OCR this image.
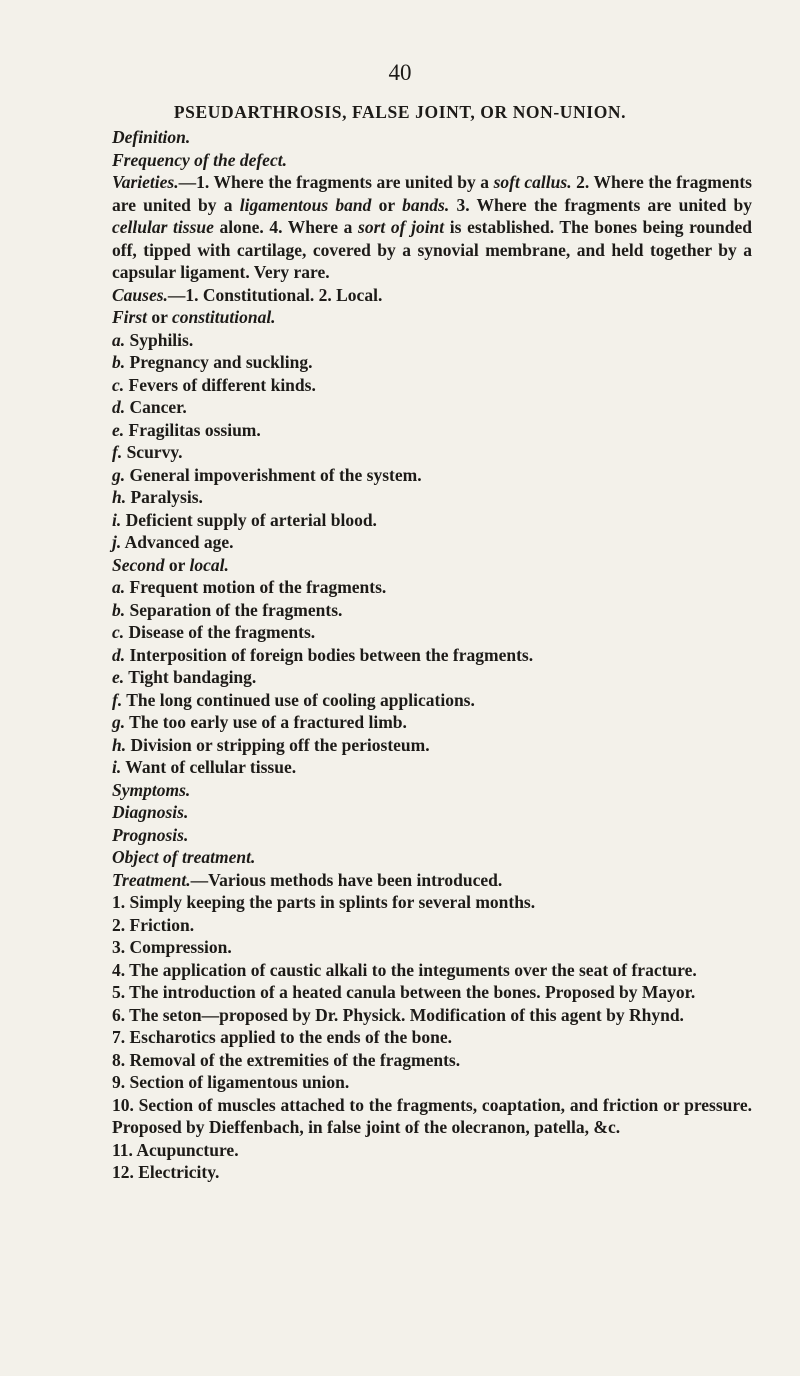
40
PSEUDARTHROSIS, FALSE JOINT, OR NON-UNION.
Definition.
Frequency of the defect.
Varieties.—1. Where the fragments are united by a soft callus. 2. Where the fragments are united by a ligamentous band or bands. 3. Where the fragments are united by cellular tissue alone. 4. Where a sort of joint is established. The bones being rounded off, tipped with cartilage, covered by a synovial membrane, and held together by a capsular ligament. Very rare.
Causes.—1. Constitutional. 2. Local.
First or constitutional.
a. Syphilis.
b. Pregnancy and suckling.
c. Fevers of different kinds.
d. Cancer.
e. Fragilitas ossium.
f. Scurvy.
g. General impoverishment of the system.
h. Paralysis.
i. Deficient supply of arterial blood.
j. Advanced age.
Second or local.
a. Frequent motion of the fragments.
b. Separation of the fragments.
c. Disease of the fragments.
d. Interposition of foreign bodies between the fragments.
e. Tight bandaging.
f. The long continued use of cooling applications.
g. The too early use of a fractured limb.
h. Division or stripping off the periosteum.
i. Want of cellular tissue.
Symptoms.
Diagnosis.
Prognosis.
Object of treatment.
Treatment.—Various methods have been introduced.
1. Simply keeping the parts in splints for several months.
2. Friction.
3. Compression.
4. The application of caustic alkali to the integuments over the seat of fracture.
5. The introduction of a heated canula between the bones. Proposed by Mayor.
6. The seton—proposed by Dr. Physick. Modification of this agent by Rhynd.
7. Escharotics applied to the ends of the bone.
8. Removal of the extremities of the fragments.
9. Section of ligamentous union.
10. Section of muscles attached to the fragments, coaptation, and friction or pressure. Proposed by Dieffenbach, in false joint of the olecranon, patella, &c.
11. Acupuncture.
12. Electricity.
